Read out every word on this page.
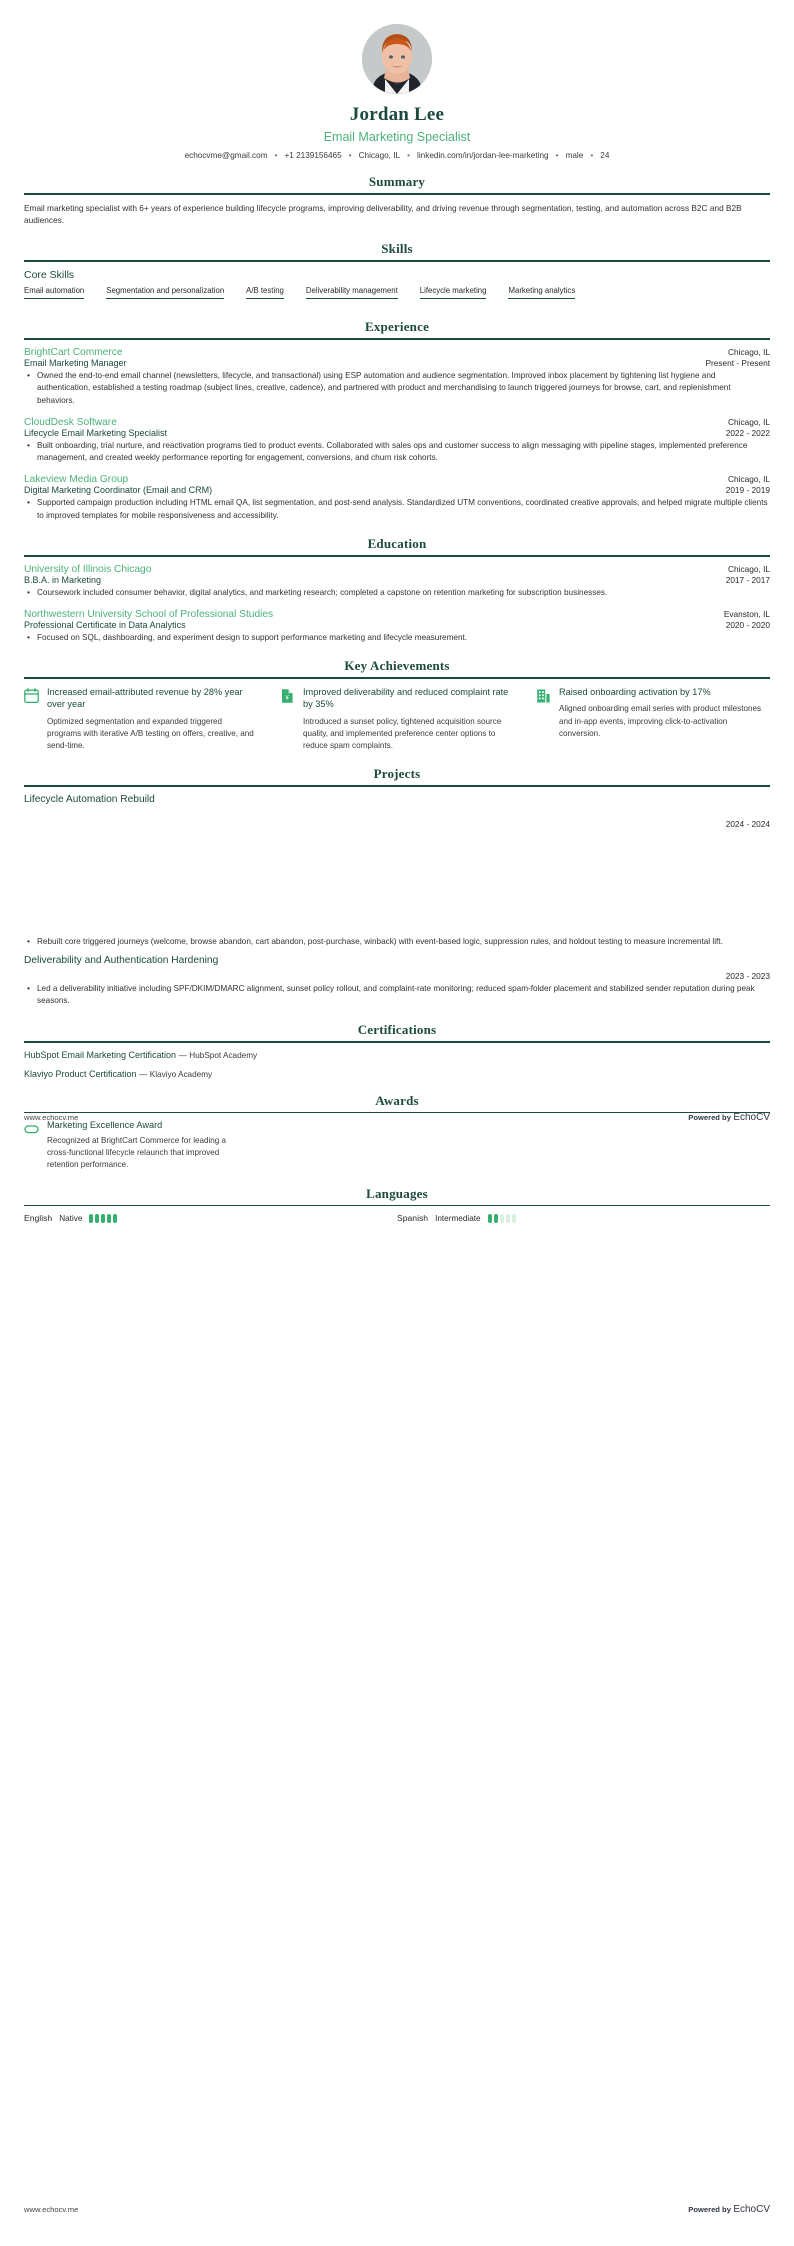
Jordan Lee
Email Marketing Specialist
echocvme@gmail.com • +1 2139156465 • Chicago, IL • linkedin.com/in/jordan-lee-marketing • male • 24
Summary
Email marketing specialist with 6+ years of experience building lifecycle programs, improving deliverability, and driving revenue through segmentation, testing, and automation across B2C and B2B audiences.
Skills
Core Skills
Email automation	Segmentation and personalization	A/B testing	Deliverability management	Lifecycle marketing	Marketing analytics
Experience
BrightCart Commerce	Chicago, IL
Email Marketing Manager	Present - Present
• Owned the end-to-end email channel (newsletters, lifecycle, and transactional) using ESP automation and audience segmentation. Improved inbox placement by tightening list hygiene and authentication, established a testing roadmap (subject lines, creative, cadence), and partnered with product and merchandising to launch triggered journeys for browse, cart, and replenishment behaviors.
CloudDesk Software	Chicago, IL
Lifecycle Email Marketing Specialist	2022 - 2022
• Built onboarding, trial nurture, and reactivation programs tied to product events. Collaborated with sales ops and customer success to align messaging with pipeline stages, implemented preference management, and created weekly performance reporting for engagement, conversions, and churn risk cohorts.
Lakeview Media Group	Chicago, IL
Digital Marketing Coordinator (Email and CRM)	2019 - 2019
• Supported campaign production including HTML email QA, list segmentation, and post-send analysis. Standardized UTM conventions, coordinated creative approvals, and helped migrate multiple clients to improved templates for mobile responsiveness and accessibility.
Education
University of Illinois Chicago	Chicago, IL
B.B.A. in Marketing	2017 - 2017
• Coursework included consumer behavior, digital analytics, and marketing research; completed a capstone on retention marketing for subscription businesses.
Northwestern University School of Professional Studies	Evanston, IL
Professional Certificate in Data Analytics	2020 - 2020
• Focused on SQL, dashboarding, and experiment design to support performance marketing and lifecycle measurement.
Key Achievements
Increased email-attributed revenue by 28% year over year
Optimized segmentation and expanded triggered programs with iterative A/B testing on offers, creative, and send-time.
¥
Improved deliverability and reduced complaint rate by 35%
Introduced a sunset policy, tightened acquisition source quality, and implemented preference center options to reduce spam complaints.
Raised onboarding activation by 17%
Aligned onboarding email series with product milestones and in-app events, improving click-to-activation conversion.
Projects
Lifecycle Automation Rebuild
2024 - 2024
• Rebuilt core triggered journeys (welcome, browse abandon, cart abandon, post-purchase, winback) with event-based logic, suppression rules, and holdout testing to measure incremental lift.
Deliverability and Authentication Hardening
2023 - 2023
• Led a deliverability initiative including SPF/DKIM/DMARC alignment, sunset policy rollout, and complaint-rate monitoring; reduced spam-folder placement and stabilized sender reputation during peak seasons.
Certifications
HubSpot Email Marketing Certification — HubSpot Academy
Klaviyo Product Certification — Klaviyo Academy
Awards
Marketing Excellence Award
Recognized at BrightCart Commerce for leading a cross-functional lifecycle relaunch that improved retention performance.
Languages
English Native	Spanish Intermediate
www.echocv.me	Powered by EchoCV
www.echocv.me	Powered by EchoCV
